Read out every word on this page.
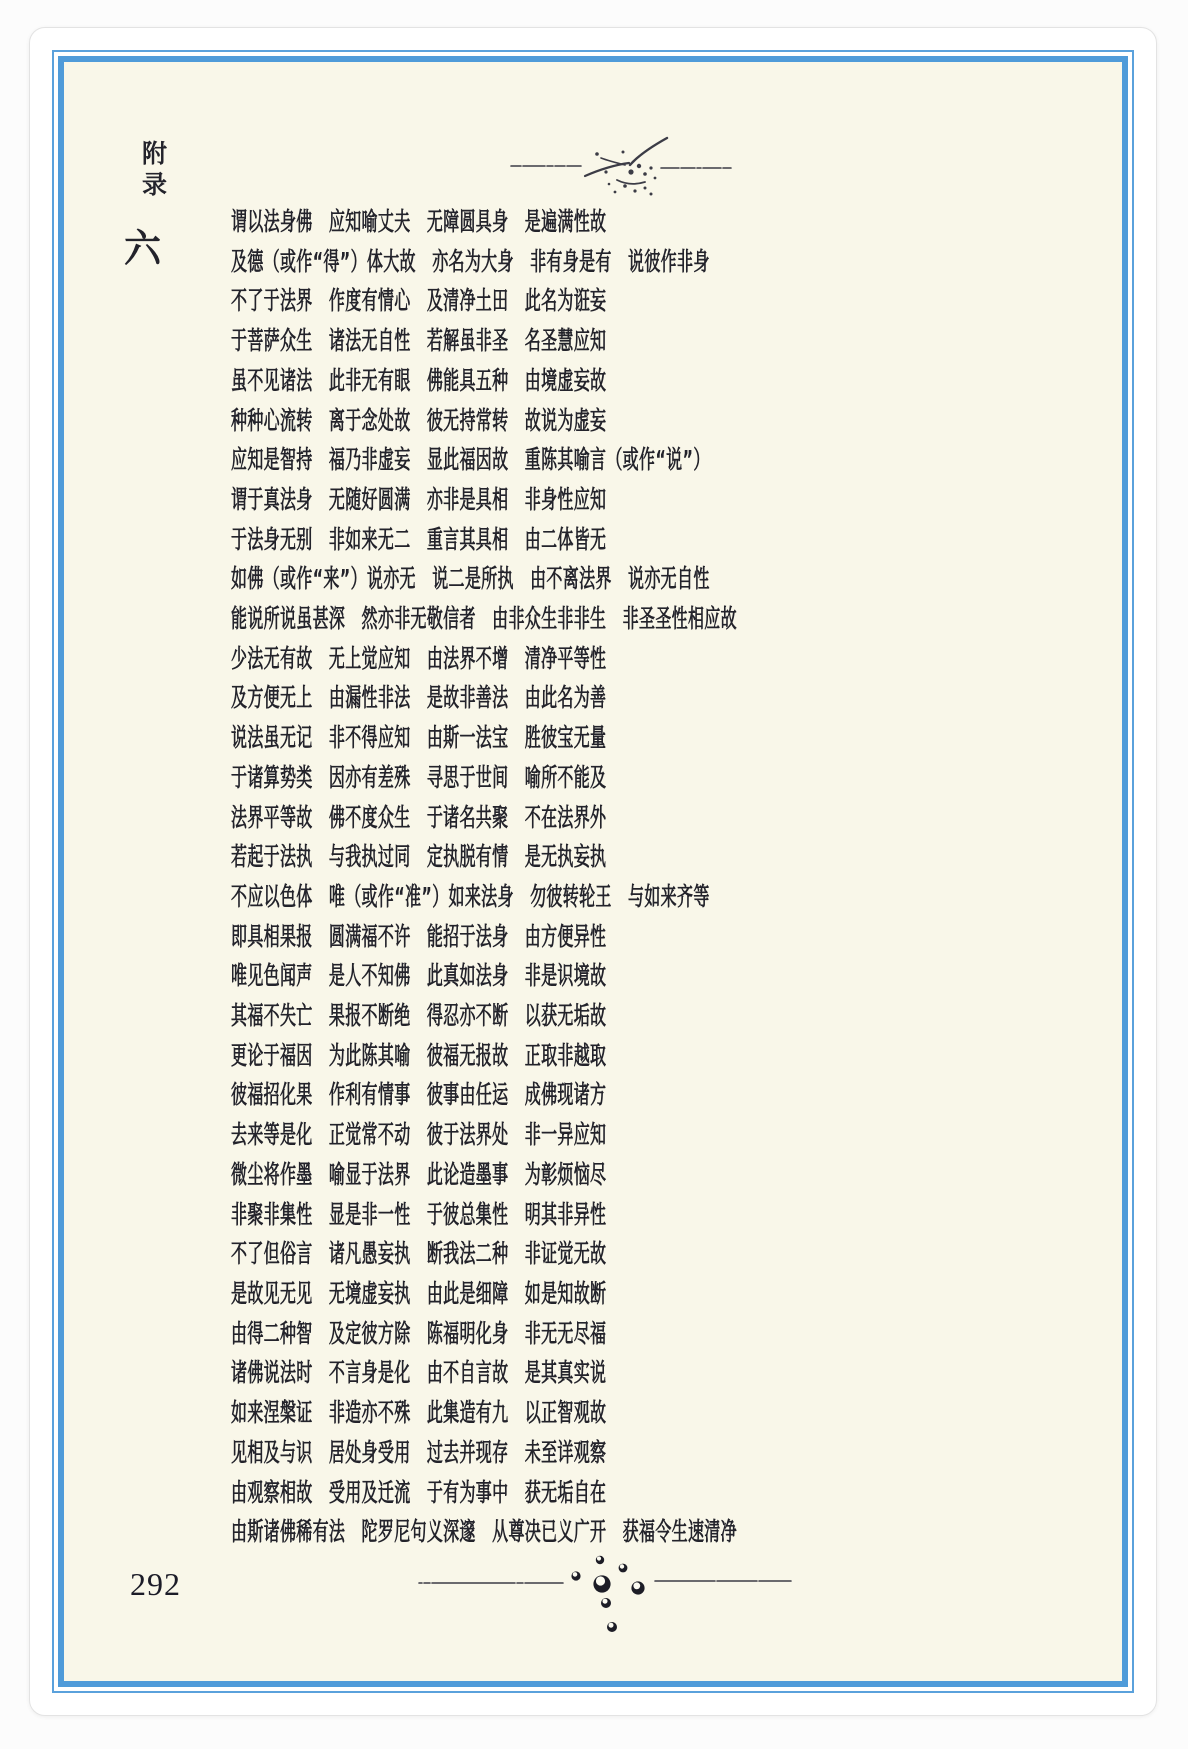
附
录
六
谓以法身佛　应知喻丈夫　无障圆具身　是遍满性故
及德（或作“得”）体大故　亦名为大身　非有身是有　说彼作非身
不了于法界　作度有情心　及清净土田　此名为诳妄
于菩萨众生　诸法无自性　若解虽非圣　名圣慧应知
虽不见诸法　此非无有眼　佛能具五种　由境虚妄故
种种心流转　离于念处故　彼无持常转　故说为虚妄
应知是智持　福乃非虚妄　显此福因故　重陈其喻言（或作“说”）
谓于真法身　无随好圆满　亦非是具相　非身性应知
于法身无别　非如来无二　重言其具相　由二体皆无
如佛（或作“来”）说亦无　说二是所执　由不离法界　说亦无自性
能说所说虽甚深　然亦非无敬信者　由非众生非非生　非圣圣性相应故
少法无有故　无上觉应知　由法界不增　清净平等性
及方便无上　由漏性非法　是故非善法　由此名为善
说法虽无记　非不得应知　由斯一法宝　胜彼宝无量
于诸算势类　因亦有差殊　寻思于世间　喻所不能及
法界平等故　佛不度众生　于诸名共聚　不在法界外
若起于法执　与我执过同　定执脱有情　是无执妄执
不应以色体　唯（或作“准”）如来法身　勿彼转轮王　与如来齐等
即具相果报　圆满福不许　能招于法身　由方便异性
唯见色闻声　是人不知佛　此真如法身　非是识境故
其福不失亡　果报不断绝　得忍亦不断　以获无垢故
更论于福因　为此陈其喻　彼福无报故　正取非越取
彼福招化果　作利有情事　彼事由任运　成佛现诸方
去来等是化　正觉常不动　彼于法界处　非一异应知
微尘将作墨　喻显于法界　此论造墨事　为彰烦恼尽
非聚非集性　显是非一性　于彼总集性　明其非异性
不了但俗言　诸凡愚妄执　断我法二种　非证觉无故
是故见无见　无境虚妄执　由此是细障　如是知故断
由得二种智　及定彼方除　陈福明化身　非无无尽福
诸佛说法时　不言身是化　由不自言故　是其真实说
如来涅槃证　非造亦不殊　此集造有九　以正智观故
见相及与识　居处身受用　过去并现存　未至详观察
由观察相故　受用及迁流　于有为事中　获无垢自在
由斯诸佛稀有法　陀罗尼句义深邃　从尊决已义广开　获福令生速清净
292
